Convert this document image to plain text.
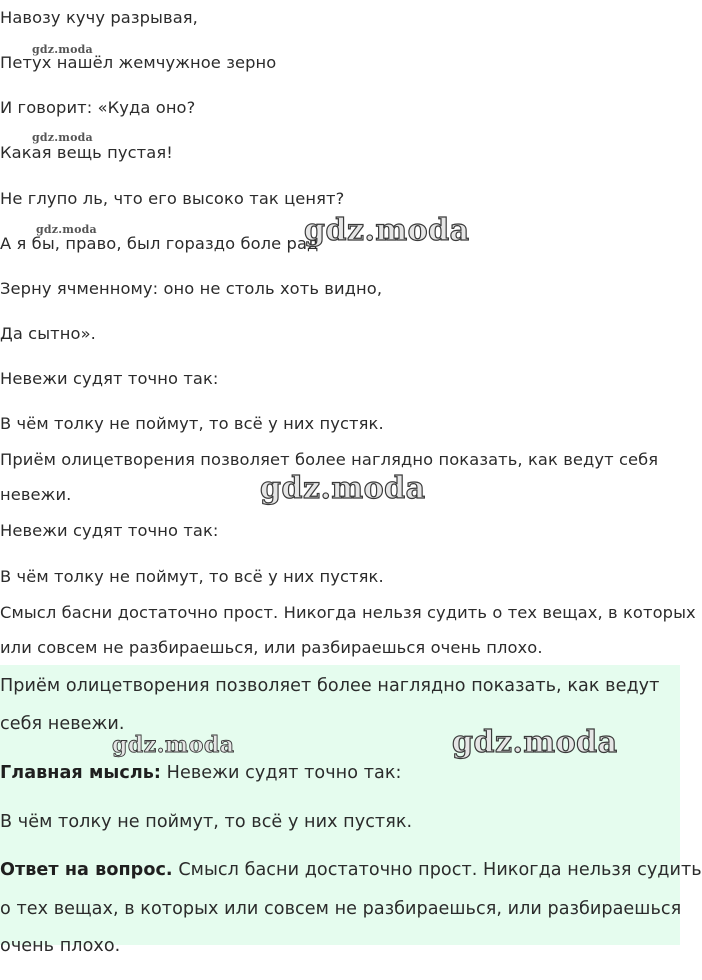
Навозу кучу разрывая,

Петух нашёл жемчужное зерно

И говорит: «Куда оно?

Какая вещь пустая!

Не глупо ль, что его высоко так ценят?

А я бы, право, был гораздо боле рад

Зерну ячменному: оно не столь хоть видно,

Да сытно».

Невежи судят точно так:

В чём толку не поймут, то всё у них пустяк.

Приём олицетворения позволяет более наглядно показать, как ведут себя

невежи.

Невежи судят точно так:

В чём толку не поймут, то всё у них пустяк.

Смысл басни достаточно прост. Никогда нельзя судить о тех вещах, в которых

или совсем не разбираешься, или разбираешься очень плохо.

Приём олицетворения позволяет более наглядно показать, как ведут

себя невежи.

Главная мысль: Невежи судят точно так:

В чём толку не поймут, то всё у них пустяк.

Ответ на вопрос. Смысл басни достаточно прост. Никогда нельзя судить

о тех вещах, в которых или совсем не разбираешься, или разбираешься

очень плохо.

gdz.moda
gdz.moda
gdz.moda	gdz.moda
gdz.moda
gdz.moda	gdz.moda
